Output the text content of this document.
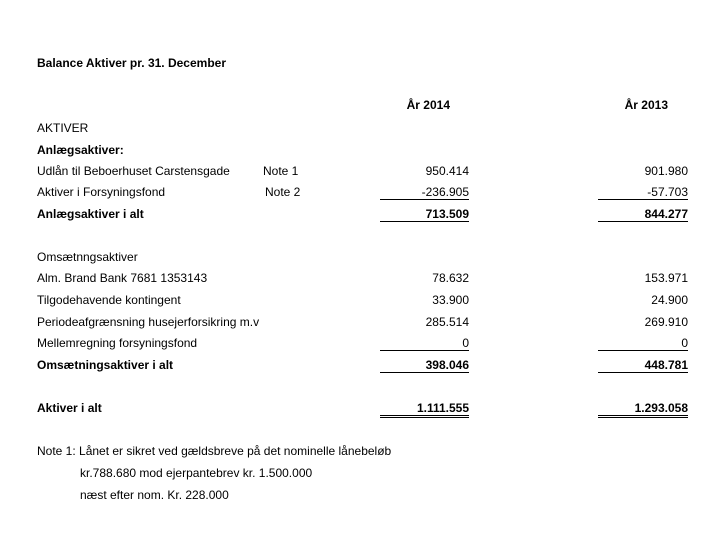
Balance Aktiver pr. 31. December
År 2014	År 2013
AKTIVER
Anlægsaktiver:
Udlån til Beboerhuset Carstensgade	Note 1	950.414	901.980
Aktiver i Forsyningsfond	Note 2	-236.905	-57.703
Anlægsaktiver i alt	713.509	844.277
Omsætnngsaktiver
Alm. Brand Bank 7681 1353143	78.632	153.971
Tilgodehavende kontingent	33.900	24.900
Periodeafgrænsning husejerforsikring m.v	285.514	269.910
Mellemregning forsyningsfond	0	0
Omsætningsaktiver i alt	398.046	448.781
Aktiver i alt	1.111.555	1.293.058
Note 1: Lånet er sikret ved gældsbreve på det nominelle lånebeløb
kr.788.680 mod ejerpantebrev kr. 1.500.000
næst efter nom. Kr. 228.000
